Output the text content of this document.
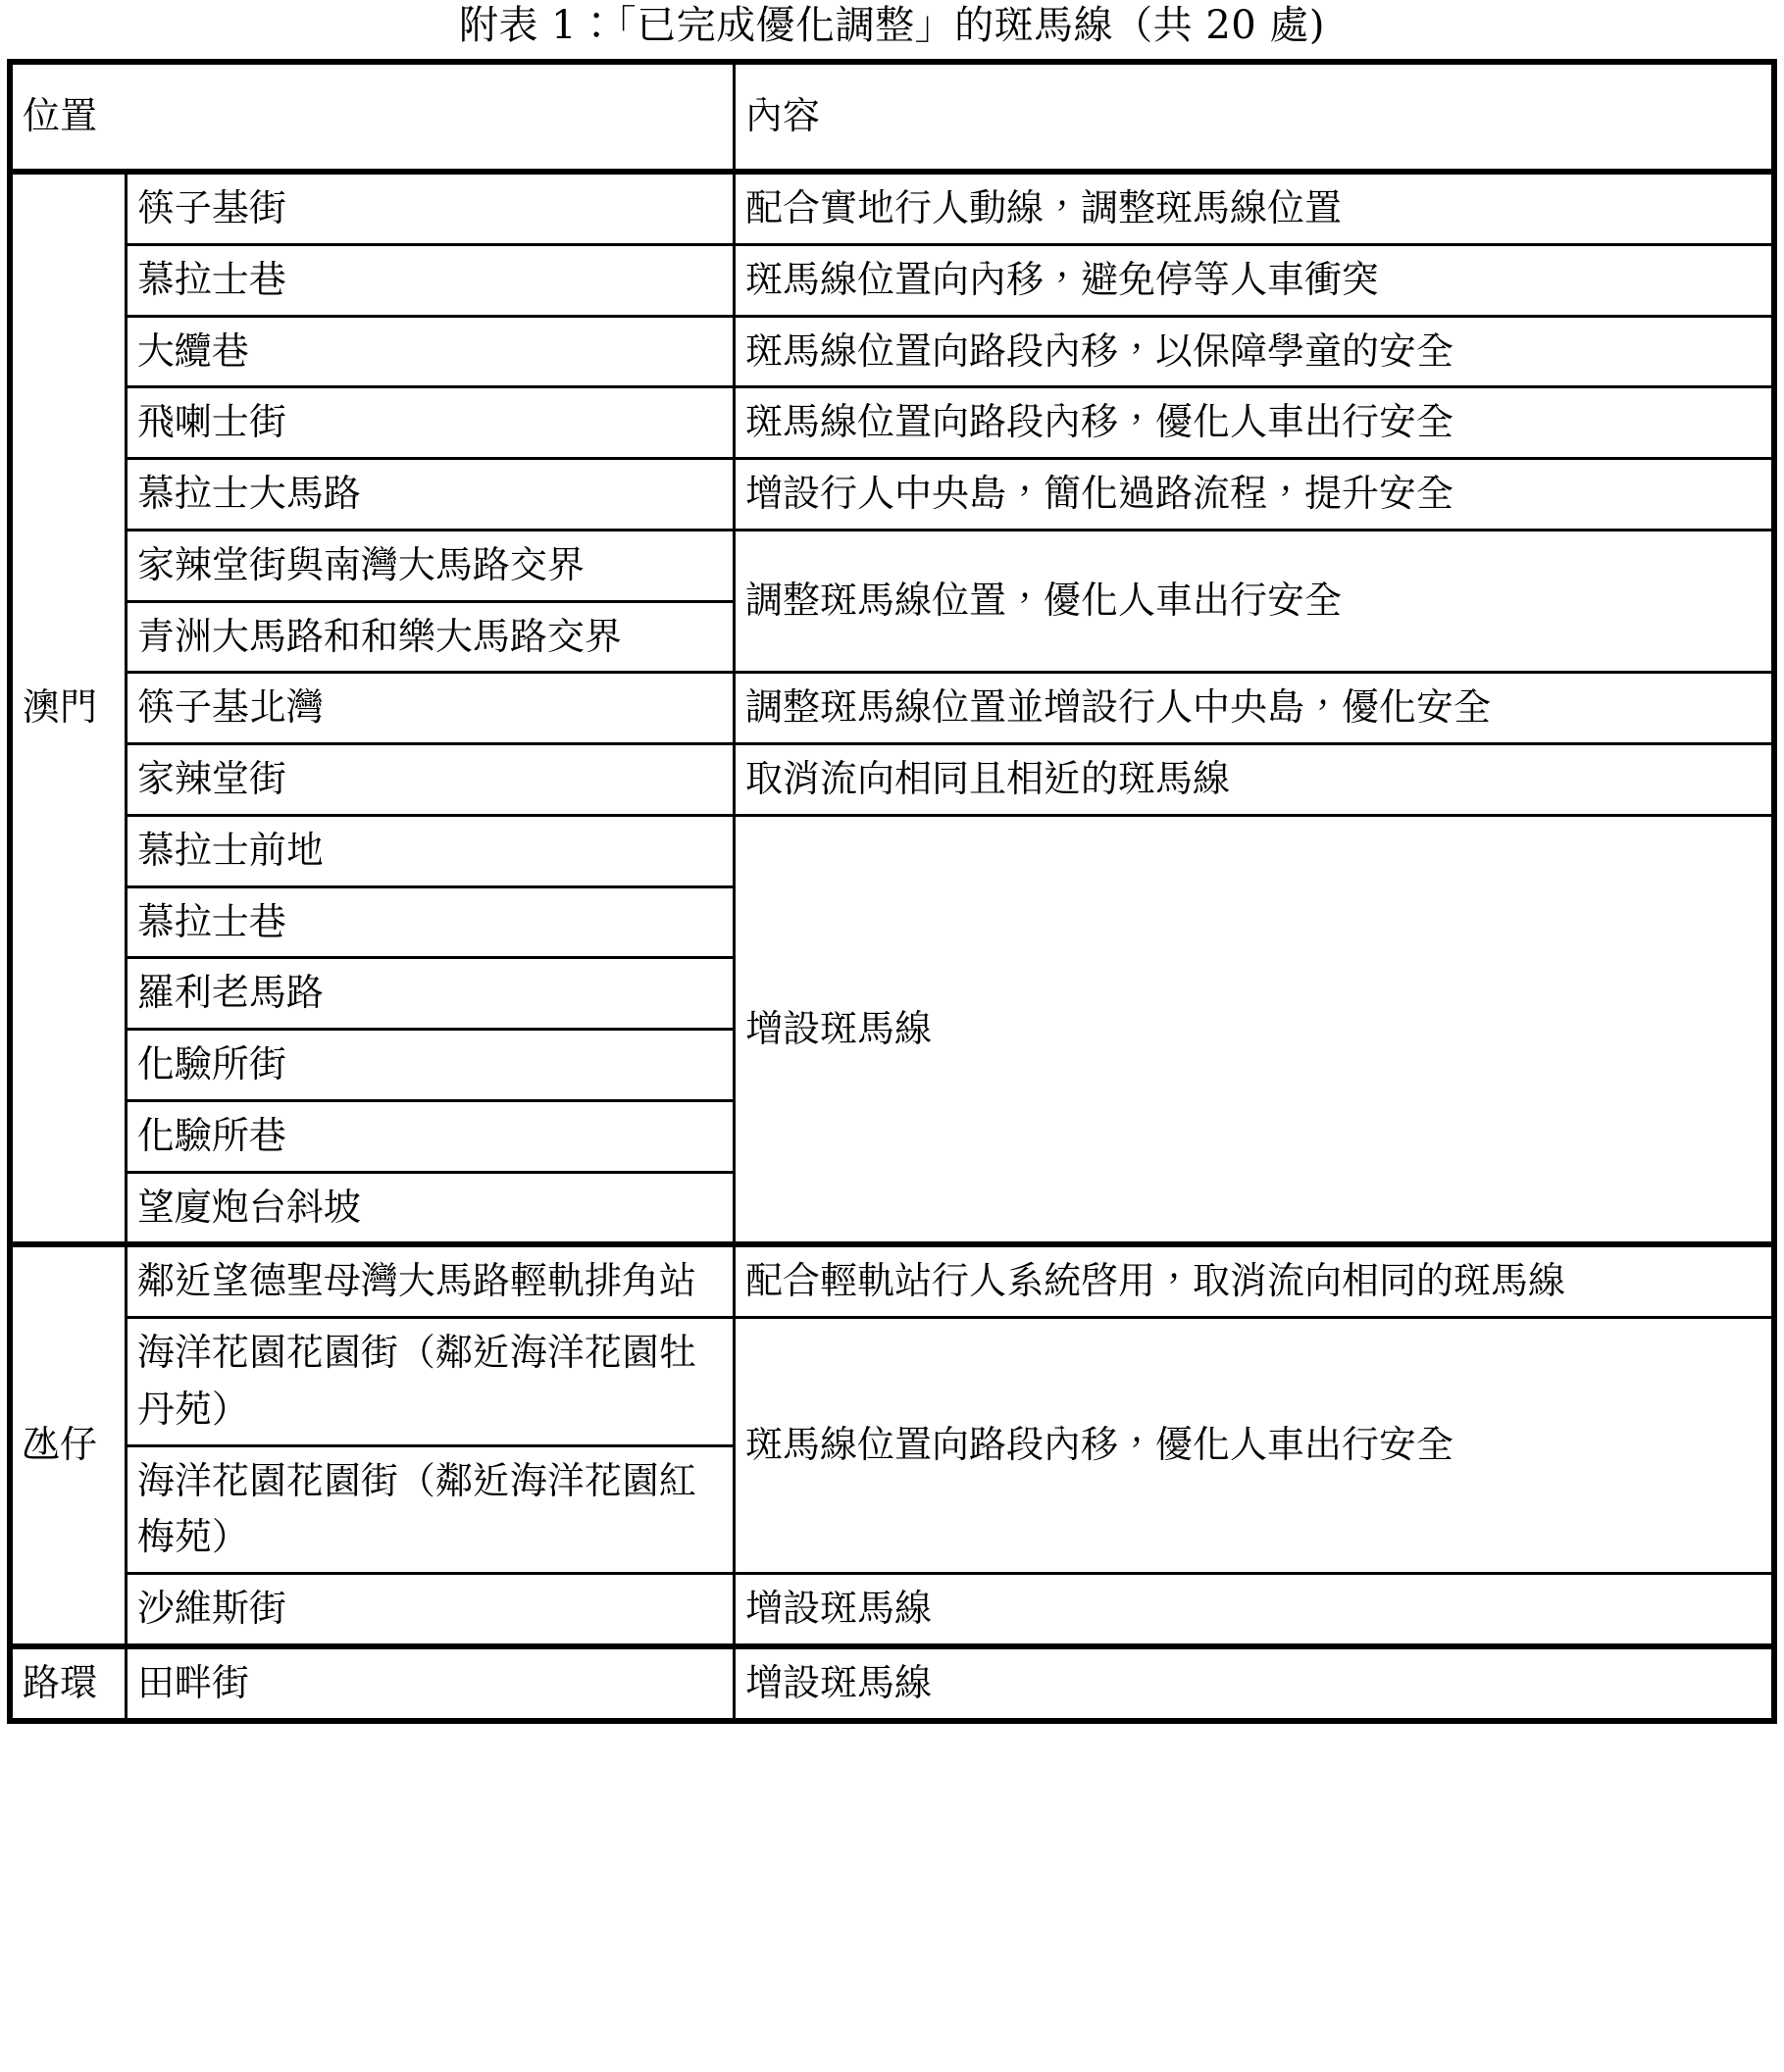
附表 1：「已完成優化調整」的斑馬線（共 20 處)
位置		內容
澳門	筷子基街	配合實地行人動線，調整斑馬線位置
	慕拉士巷	斑馬線位置向內移，避免停等人車衝突
	大纜巷	斑馬線位置向路段內移，以保障學童的安全
	飛喇士街	斑馬線位置向路段內移，優化人車出行安全
	慕拉士大馬路	增設行人中央島，簡化過路流程，提升安全
	家辣堂街與南灣大馬路交界	調整斑馬線位置，優化人車出行安全
	青洲大馬路和和樂大馬路交界	
	筷子基北灣	調整斑馬線位置並增設行人中央島，優化安全
	家辣堂街	取消流向相同且相近的斑馬線
	慕拉士前地	增設斑馬線
	慕拉士巷	
	羅利老馬路	
	化驗所街	
	化驗所巷	
	望廈炮台斜坡	
氹仔	鄰近望德聖母灣大馬路輕軌排角站	配合輕軌站行人系統啓用，取消流向相同的斑馬線
	海洋花園花園街（鄰近海洋花園牡丹苑）	斑馬線位置向路段內移，優化人車出行安全
	海洋花園花園街（鄰近海洋花園紅梅苑）	
	沙維斯街	增設斑馬線
路環	田畔街	增設斑馬線
